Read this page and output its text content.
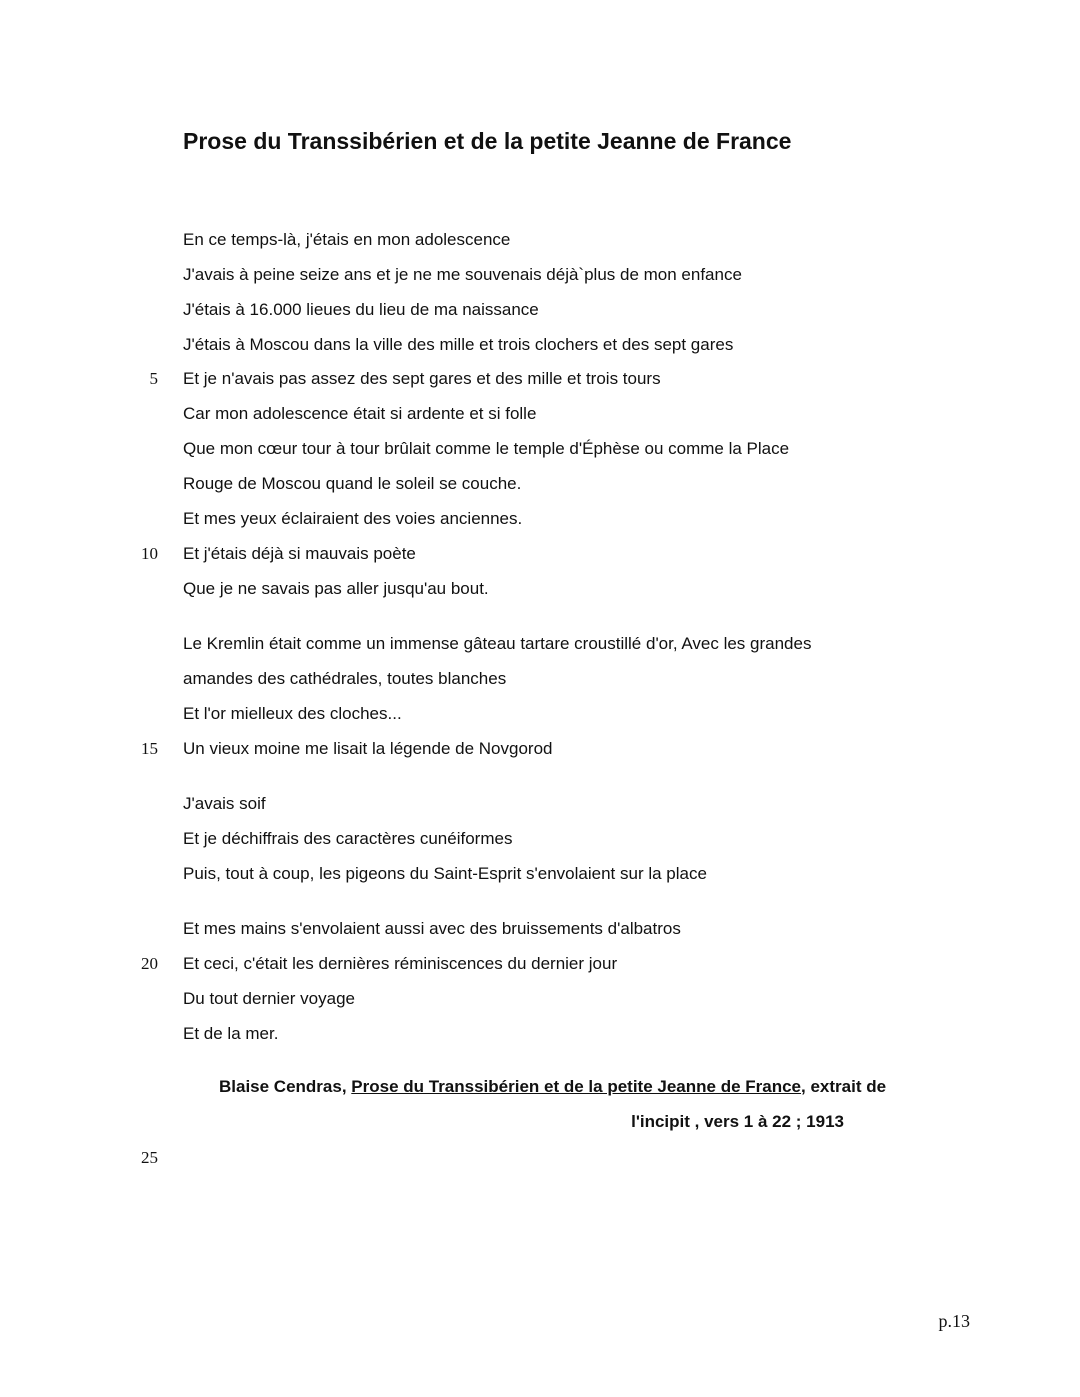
Prose du Transsibérien et de la petite Jeanne de France
En ce temps-là, j'étais en mon adolescence
J'avais à peine seize ans et je ne me souvenais déjà`plus de mon enfance
J'étais à 16.000 lieues du lieu de ma naissance
J'étais à Moscou dans la ville des mille et trois clochers et des sept gares
Et je n'avais pas assez des sept gares et des mille et trois tours
Car mon adolescence était si ardente et si folle
Que mon cœur tour à tour brûlait comme le temple d'Éphèse ou comme la Place
Rouge de Moscou quand le soleil se couche.
Et mes yeux éclairaient des voies anciennes.
Et j'étais déjà si mauvais poète
Que je ne savais pas aller jusqu'au bout.
Le Kremlin était comme un immense gâteau tartare croustillé d'or, Avec les grandes
amandes des cathédrales, toutes blanches
Et l'or mielleux des cloches...
Un vieux moine me lisait la légende de Novgorod
J'avais soif
Et je déchiffrais des caractères cunéiformes
Puis, tout à coup, les pigeons du Saint-Esprit s'envolaient sur la place
Et mes mains s'envolaient aussi avec des bruissements d'albatros
Et ceci, c'était les dernières réminiscences du dernier jour
Du tout dernier voyage
Et de la mer.
5
10
15
20
25
Blaise Cendras, Prose du Transsibérien et de la petite Jeanne de France, extrait de
l'incipit , vers 1 à 22 ; 1913
p.13
